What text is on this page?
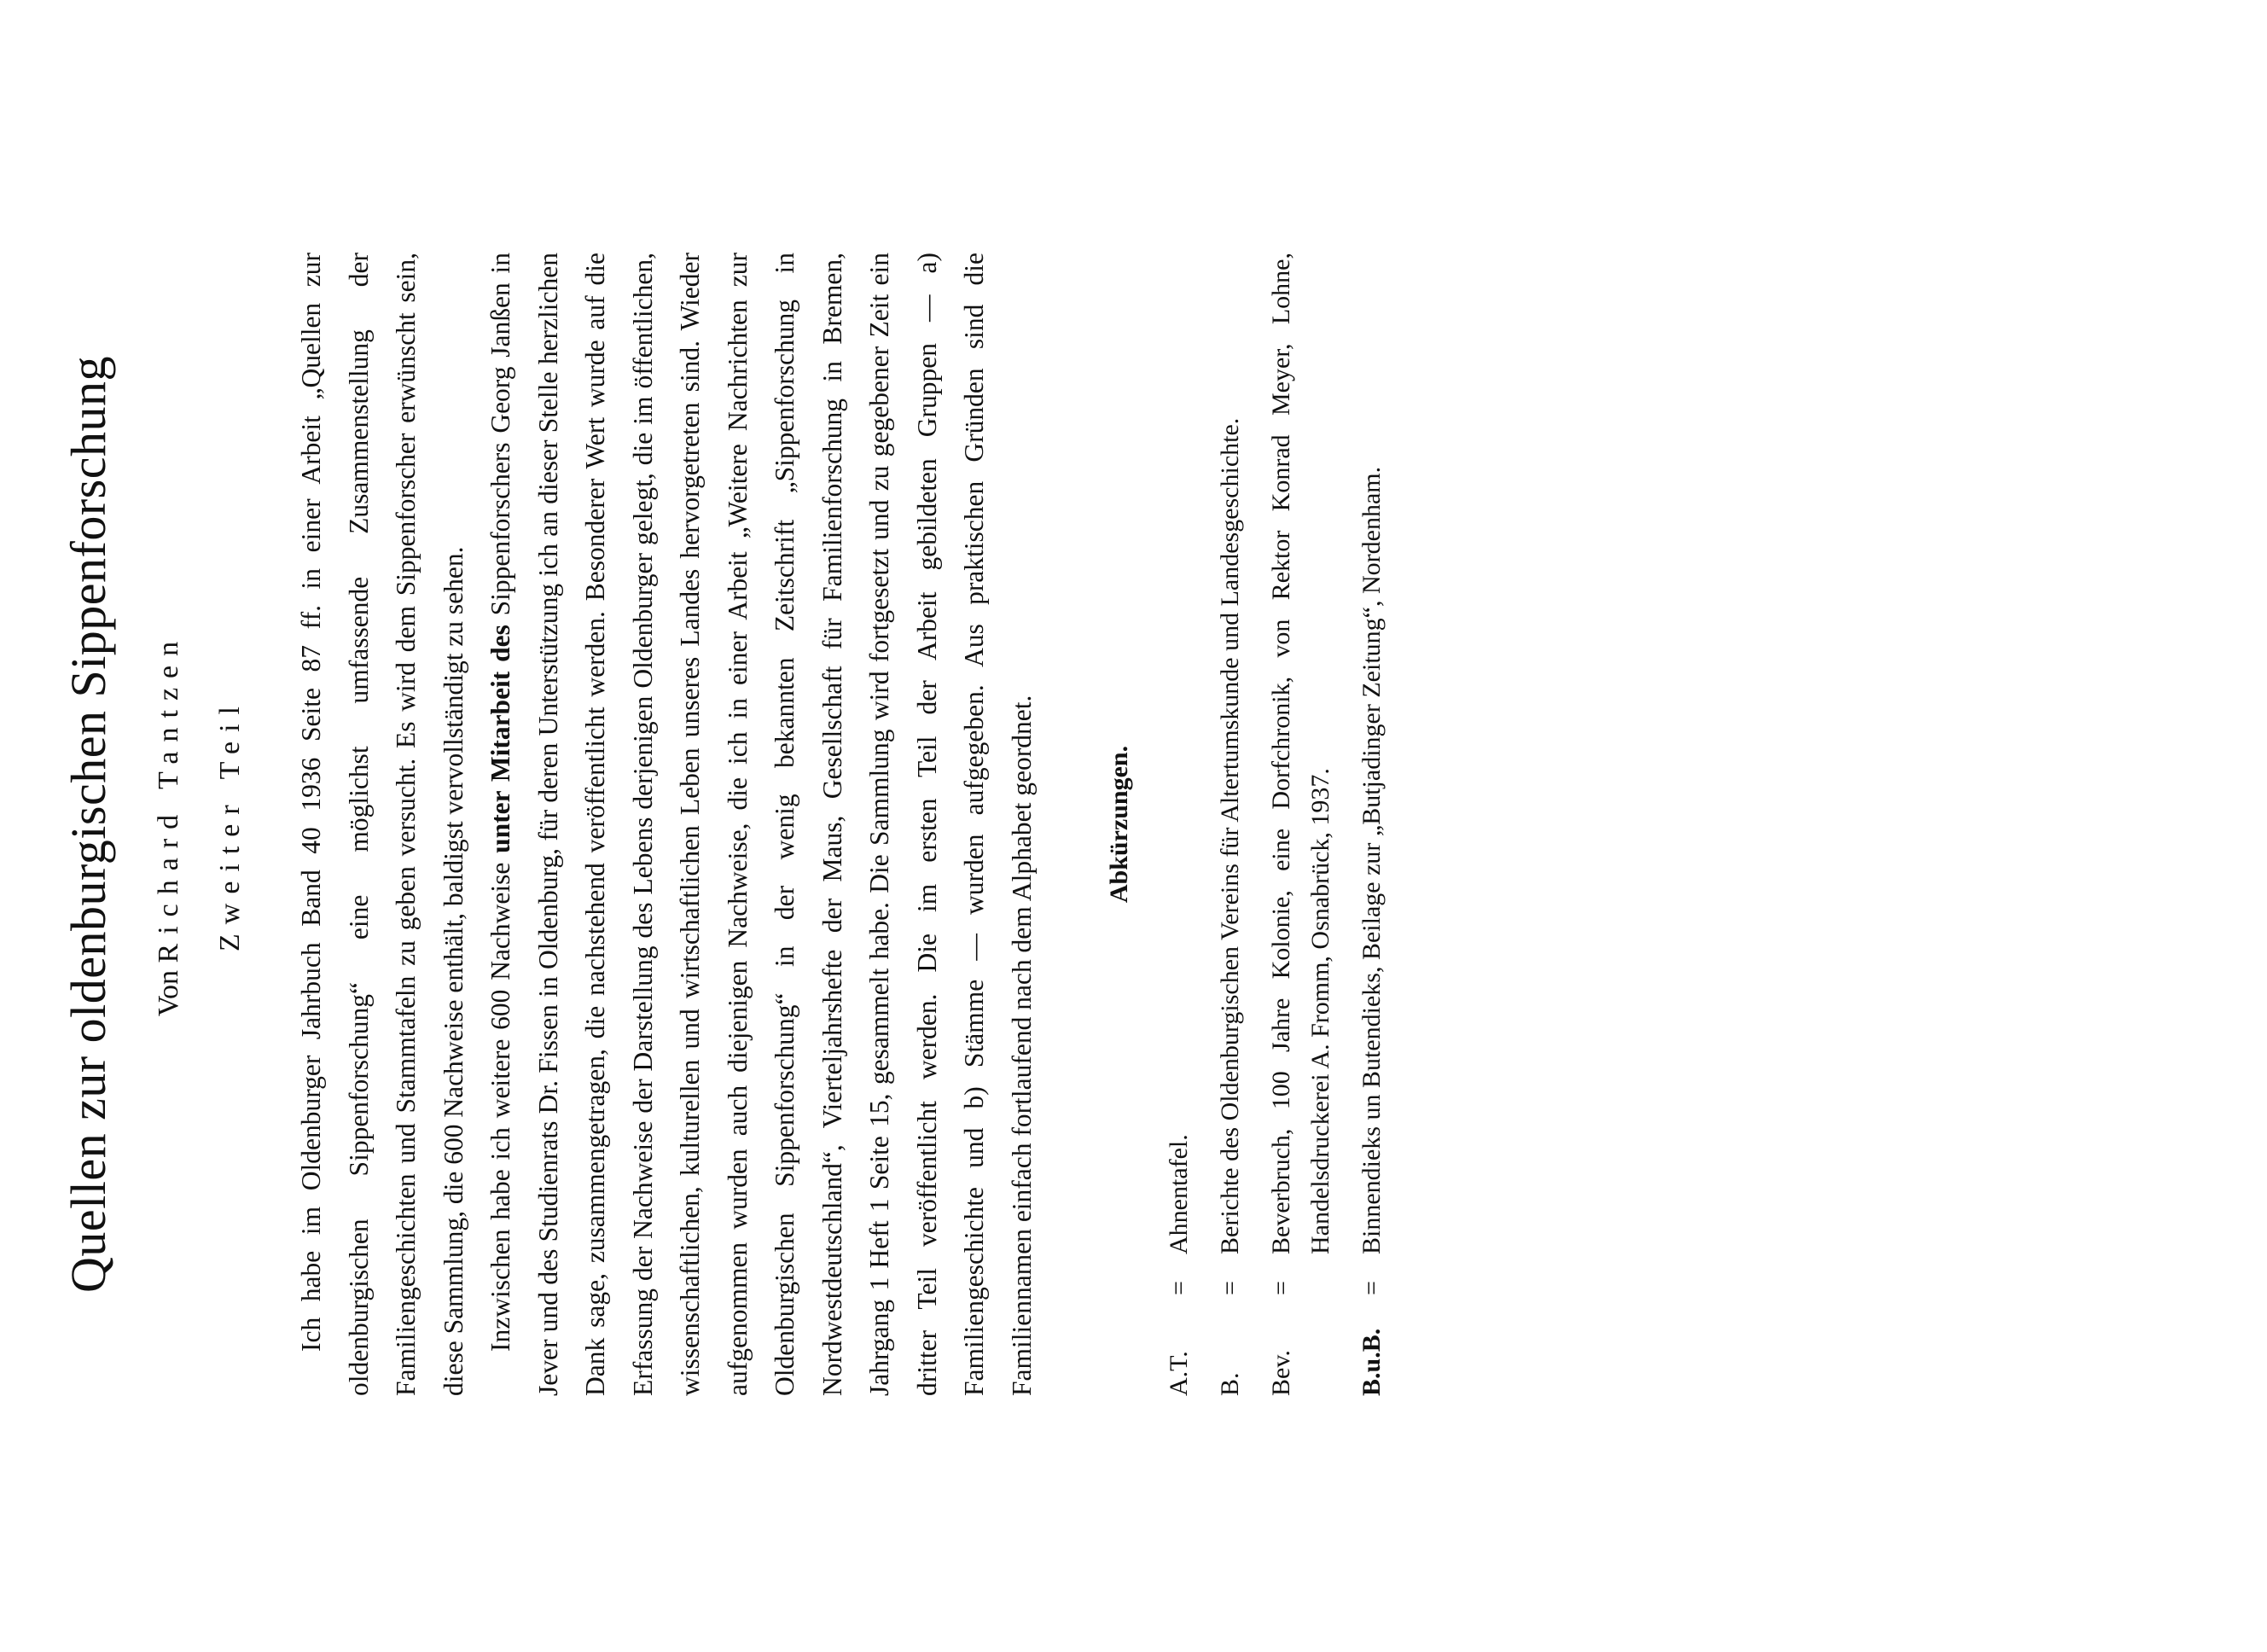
Quellen zur oldenburgischen Sippenforschung Von Richard Tantzen Zweiter Teil	Ich habe im Oldenburger Jahrbuch Band 40 1936 Seite 87 ff. in einer Arbeit „Quellen zur oldenburgischen Sippenforschung“ eine möglichst umfassende Zusammenstellung der Familiengeschichten und Stammtafeln zu geben versucht. Es wird dem Sippenforscher erwünscht sein, diese Sammlung, die 600 Nachweise enthält, baldigst vervollständigt zu sehen. Inzwischen habe ich weitere 600 Nachweise unter Mitarbeit des Sippenforschers Georg Janßen in Jever und des Studienrats Dr. Fissen in Oldenburg, für deren Unterstützung ich an dieser Stelle herzlichen Dank sage, zusammengetragen, die nachstehend veröffentlicht werden. Besonderer Wert wurde auf die Erfassung der Nachweise der Darstellung des Lebens derjenigen Oldenburger gelegt, die im öffentlichen, wissenschaftlichen, kulturellen und wirtschaftlichen Leben unseres Landes hervorgetreten sind. Wieder aufgenommen wurden auch diejenigen Nachweise, die ich in einer Arbeit „Weitere Nachrichten zur Oldenburgischen Sippenforschung“ in der wenig bekannten Zeitschrift „Sippenforschung in Nordwestdeutschland“, Vierteljahrshefte der Maus, Gesellschaft für Familienforschung in Bremen, Jahrgang 1 Heft 1 Seite 15, gesammelt habe. Die Sammlung wird fortgesetzt und zu gegebener Zeit ein dritter Teil veröffentlicht werden. Die im ersten Teil der Arbeit gebildeten Gruppen — a) Familiengeschichte und b) Stämme — wurden aufgegeben. Aus praktischen Gründen sind die Familiennamen einfach fortlaufend nach dem Alphabet geordnet.	Abkürzungen.
A.T.
=
Ahnentafel.
B.
=
Berichte des Oldenburgischen Vereins für Altertumskunde und Landesgeschichte.
Bev.
=
Beverbruch, 100 Jahre Kolonie, eine Dorfchronik, von Rektor Konrad Meyer, Lohne, Handelsdruckerei A. Fromm, Osnabrück, 1937.
B.u.B.
=
Binnendieks un Butendieks, Beilage zur „Butjadinger Zeitung“, Nordenham.
